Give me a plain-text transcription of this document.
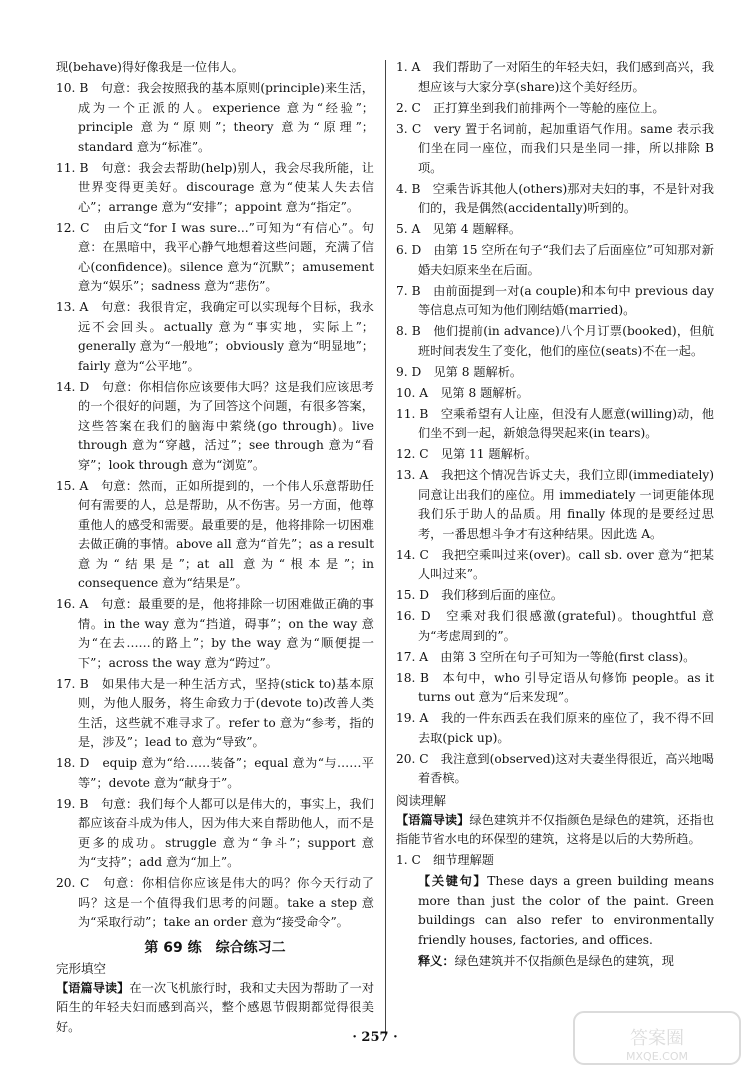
现(behave)得好像我是一位伟人。

10. B　句意：我会按照我的基本原则(principle)来生活，成为一个正派的人。experience 意为“经验”；principle 意为“原则”；theory 意为“原理”；standard 意为“标准”。

11. B　句意：我会去帮助(help)别人，我会尽我所能，让世界变得更美好。discourage 意为“使某人失去信心”；arrange 意为“安排”；appoint 意为“指定”。

12. C　由后文“for I was sure...”可知为“有信心”。句意：在黑暗中，我平心静气地想着这些问题，充满了信心(confidence)。silence 意为“沉默”；amusement 意为“娱乐”；sadness 意为“悲伤”。

13. A　句意：我很肯定，我确定可以实现每个目标，我永远不会回头。actually 意为“事实地，实际上”；generally 意为“一般地”；obviously 意为“明显地”；fairly 意为“公平地”。

14. D　句意：你相信你应该要伟大吗？这是我们应该思考的一个很好的问题，为了回答这个问题，有很多答案，这些答案在我们的脑海中萦绕(go through)。live through 意为“穿越，活过”；see through 意为“看穿”；look through 意为“浏览”。

15. A　句意：然而，正如所提到的，一个伟人乐意帮助任何有需要的人，总是帮助，从不伤害。另一方面，他尊重他人的感受和需要。最重要的是，他将排除一切困难去做正确的事情。above all 意为“首先”；as a result 意为“结果是”；at all 意为“根本是”；in consequence 意为“结果是”。

16. A　句意：最重要的是，他将排除一切困难做正确的事情。in the way 意为“挡道，碍事”；on the way 意为“在去……的路上”；by the way 意为“顺便提一下”；across the way 意为“跨过”。

17. B　如果伟大是一种生活方式，坚持(stick to)基本原则，为他人服务，将生命致力于(devote to)改善人类生活，这些就不难寻求了。refer to 意为“参考，指的是，涉及”；lead to 意为“导致”。

18. D　equip 意为“给……装备”；equal 意为“与……平等”；devote 意为“献身于”。

19. B　句意：我们每个人都可以是伟大的，事实上，我们都应该奋斗成为伟人，因为伟大来自帮助他人，而不是更多的成功。struggle 意为“争斗”；support 意为“支持”；add 意为“加上”。

20. C　句意：你相信你应该是伟大的吗？你今天行动了吗？这是一个值得我们思考的问题。take a step 意为“采取行动”；take an order 意为“接受命令”。

第 69 练　综合练习二
完形填空

【语篇导读】在一次飞机旅行时，我和丈夫因为帮助了一对陌生的年轻夫妇而感到高兴，整个感恩节假期都觉得很美好。

1. A　我们帮助了一对陌生的年轻夫妇，我们感到高兴，我想应该与大家分享(share)这个美好经历。

2. C　正打算坐到我们前排两个一等舱的座位上。

3. C　very 置于名词前，起加重语气作用。same 表示我们坐在同一座位，而我们只是坐同一排，所以排除 B 项。

4. B　空乘告诉其他人(others)那对夫妇的事，不是针对我们的，我是偶然(accidentally)听到的。

5. A　见第 4 题解释。

6. D　由第 15 空所在句子“我们去了后面座位”可知那对新婚夫妇原来坐在后面。

7. B　由前面提到一对(a couple)和本句中 previous day 等信息点可知为他们刚结婚(married)。

8. B　他们提前(in advance)八个月订票(booked)，但航班时间表发生了变化，他们的座位(seats)不在一起。

9. D　见第 8 题解析。

10. A　见第 8 题解析。

11. B　空乘希望有人让座，但没有人愿意(willing)动，他们坐不到一起，新娘急得哭起来(in tears)。

12. C　见第 11 题解析。

13. A　我把这个情况告诉丈夫，我们立即(immediately)同意让出我们的座位。用 immediately 一词更能体现我们乐于助人的品质。用 finally 体现的是要经过思考，一番思想斗争才有这种结果。因此选 A。

14. C　我把空乘叫过来(over)。call sb. over 意为“把某人叫过来”。

15. D　我们移到后面的座位。

16. D　空乘对我们很感激(grateful)。thoughtful 意为“考虑周到的”。

17. A　由第 3 空所在句子可知为一等舱(first class)。

18. B　本句中，who 引导定语从句修饰 people。as it turns out 意为“后来发现”。

19. A　我的一件东西丢在我们原来的座位了，我不得不回去取(pick up)。

20. C　我注意到(observed)这对夫妻坐得很近，高兴地喝着香槟。

阅读理解

【语篇导读】绿色建筑并不仅指颜色是绿色的建筑，还指也指能节省水电的环保型的建筑，这将是以后的大势所趋。

1. C　细节理解题

【关键句】These days a green building means more than just the color of the paint. Green buildings can also refer to environmentally friendly houses, factories, and offices.

释义：绿色建筑并不仅指颜色是绿色的建筑，现

· 257 ·	答案圈
MXQE.COM
